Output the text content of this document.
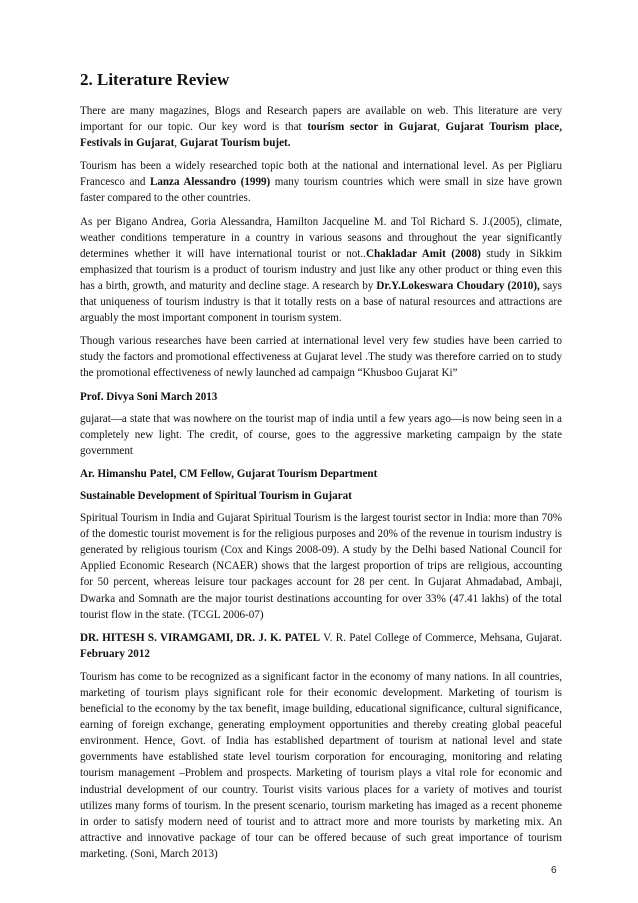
2. Literature Review

There are many magazines, Blogs and Research papers are available on web. This literature are very important for our topic. Our key word is that tourism sector in Gujarat, Gujarat Tourism place, Festivals in Gujarat, Gujarat Tourism bujet.

Tourism has been a widely researched topic both at the national and international level. As per Pigliaru Francesco and Lanza Alessandro (1999) many tourism countries which were small in size have grown faster compared to the other countries.

As per Bigano Andrea, Goria Alessandra, Hamilton Jacqueline M. and Tol Richard S. J.(2005), climate, weather conditions temperature in a country in various seasons and throughout the year significantly determines whether it will have international tourist or not..Chakladar Amit (2008) study in Sikkim emphasized that tourism is a product of tourism industry and just like any other product or thing even this has a birth, growth, and maturity and decline stage. A research by Dr.Y.Lokeswara Choudary (2010), says that uniqueness of tourism industry is that it totally rests on a base of natural resources and attractions are arguably the most important component in tourism system.

Though various researches have been carried at international level very few studies have been carried to study the factors and promotional effectiveness at Gujarat level .The study was therefore carried on to study the promotional effectiveness of newly launched ad campaign “Khusboo Gujarat Ki”

Prof. Divya Soni March 2013

gujarat—a state that was nowhere on the tourist map of india until a few years ago—is now being seen in a completely new light. The credit, of course, goes to the aggressive marketing campaign by the state government

Ar. Himanshu Patel, CM Fellow, Gujarat Tourism Department

Sustainable Development of Spiritual Tourism in Gujarat

Spiritual Tourism in India and Gujarat Spiritual Tourism is the largest tourist sector in India: more than 70% of the domestic tourist movement is for the religious purposes and 20% of the revenue in tourism industry is generated by religious tourism (Cox and Kings 2008-09). A study by the Delhi based National Council for Applied Economic Research (NCAER) shows that the largest proportion of trips are religious, accounting for 50 percent, whereas leisure tour packages account for 28 per cent. In Gujarat Ahmadabad, Ambaji, Dwarka and Somnath are the major tourist destinations accounting for over 33% (47.41 lakhs) of the total tourist flow in the state. (TCGL 2006-07)

DR. HITESH S. VIRAMGAMI, DR. J. K. PATEL V. R. Patel College of Commerce, Mehsana, Gujarat. February 2012

Tourism has come to be recognized as a significant factor in the economy of many nations. In all countries, marketing of tourism plays significant role for their economic development. Marketing of tourism is beneficial to the economy by the tax benefit, image building, educational significance, cultural significance, earning of foreign exchange, generating employment opportunities and thereby creating global peaceful environment. Hence, Govt. of India has established department of tourism at national level and state governments have established state level tourism corporation for encouraging, monitoring and relating tourism management –Problem and prospects. Marketing of tourism plays a vital role for economic and industrial development of our country. Tourist visits various places for a variety of motives and tourist utilizes many forms of tourism. In the present scenario, tourism marketing has imaged as a recent phoneme in order to satisfy modern need of tourist and to attract more and more tourists by marketing mix. An attractive and innovative package of tour can be offered because of such great importance of tourism marketing. (Soni, March 2013)

6
